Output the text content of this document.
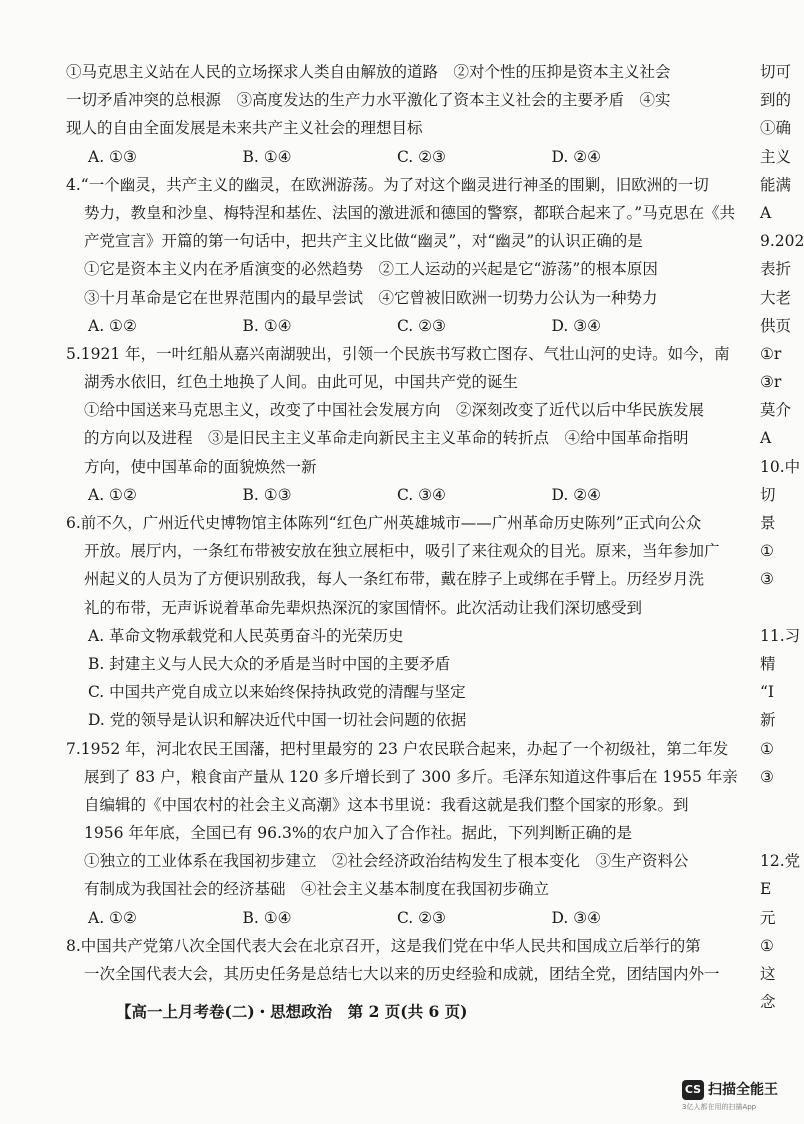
①马克思主义站在人民的立场探求人类自由解放的道路　②对个性的压抑是资本主义社会
一切矛盾冲突的总根源　③高度发达的生产力水平激化了资本主义社会的主要矛盾　④实
现人的自由全面发展是未来共产主义社会的理想目标
A. ①③	B. ①④	C. ②③	D. ②④
4.“一个幽灵，共产主义的幽灵，在欧洲游荡。为了对这个幽灵进行神圣的围剿，旧欧洲的一切
势力，教皇和沙皇、梅特涅和基佐、法国的激进派和德国的警察，都联合起来了。”马克思在《共
产党宣言》开篇的第一句话中，把共产主义比做“幽灵”，对“幽灵”的认识正确的是
①它是资本主义内在矛盾演变的必然趋势　②工人运动的兴起是它“游荡”的根本原因
③十月革命是它在世界范围内的最早尝试　④它曾被旧欧洲一切势力公认为一种势力
A. ①②	B. ①④	C. ②③	D. ③④
5.1921 年，一叶红船从嘉兴南湖驶出，引领一个民族书写救亡图存、气壮山河的史诗。如今，南
湖秀水依旧，红色土地换了人间。由此可见，中国共产党的诞生
①给中国送来马克思主义，改变了中国社会发展方向　②深刻改变了近代以后中华民族发展
的方向以及进程　③是旧民主主义革命走向新民主主义革命的转折点　④给中国革命指明
方向，使中国革命的面貌焕然一新
A. ①②	B. ①③	C. ③④	D. ②④
6.前不久，广州近代史博物馆主体陈列“红色广州英雄城市——广州革命历史陈列”正式向公众
开放。展厅内，一条红布带被安放在独立展柜中，吸引了来往观众的目光。原来，当年参加广
州起义的人员为了方便识别敌我，每人一条红布带，戴在脖子上或绑在手臂上。历经岁月洗
礼的布带，无声诉说着革命先辈炽热深沉的家国情怀。此次活动让我们深切感受到
A. 革命文物承载党和人民英勇奋斗的光荣历史
B. 封建主义与人民大众的矛盾是当时中国的主要矛盾
C. 中国共产党自成立以来始终保持执政党的清醒与坚定
D. 党的领导是认识和解决近代中国一切社会问题的依据
7.1952 年，河北农民王国藩，把村里最穷的 23 户农民联合起来，办起了一个初级社，第二年发
展到了 83 户，粮食亩产量从 120 多斤增长到了 300 多斤。毛泽东知道这件事后在 1955 年亲
自编辑的《中国农村的社会主义高潮》这本书里说：我看这就是我们整个国家的形象。到
1956 年年底，全国已有 96.3%的农户加入了合作社。据此，下列判断正确的是
①独立的工业体系在我国初步建立　②社会经济政治结构发生了根本变化　③生产资料公
有制成为我国社会的经济基础　④社会主义基本制度在我国初步确立
A. ①②	B. ①④	C. ②③	D. ③④
8.中国共产党第八次全国代表大会在北京召开，这是我们党在中华人民共和国成立后举行的第
一次全国代表大会，其历史任务是总结七大以来的历史经验和成就，团结全党，团结国内外一
【高一上月考卷(二)・思想政治　第 2 页(共 6 页)
切可
到的
①确
主义
能满
A
9.202
表折
大老
供页
①r
③r
莫介
A
10.中
切
景
①
③
11.习
精
“I
新
①
③
12.党
E
元
①
这
念
CS 扫描全能王
3亿人都在用的扫描App
